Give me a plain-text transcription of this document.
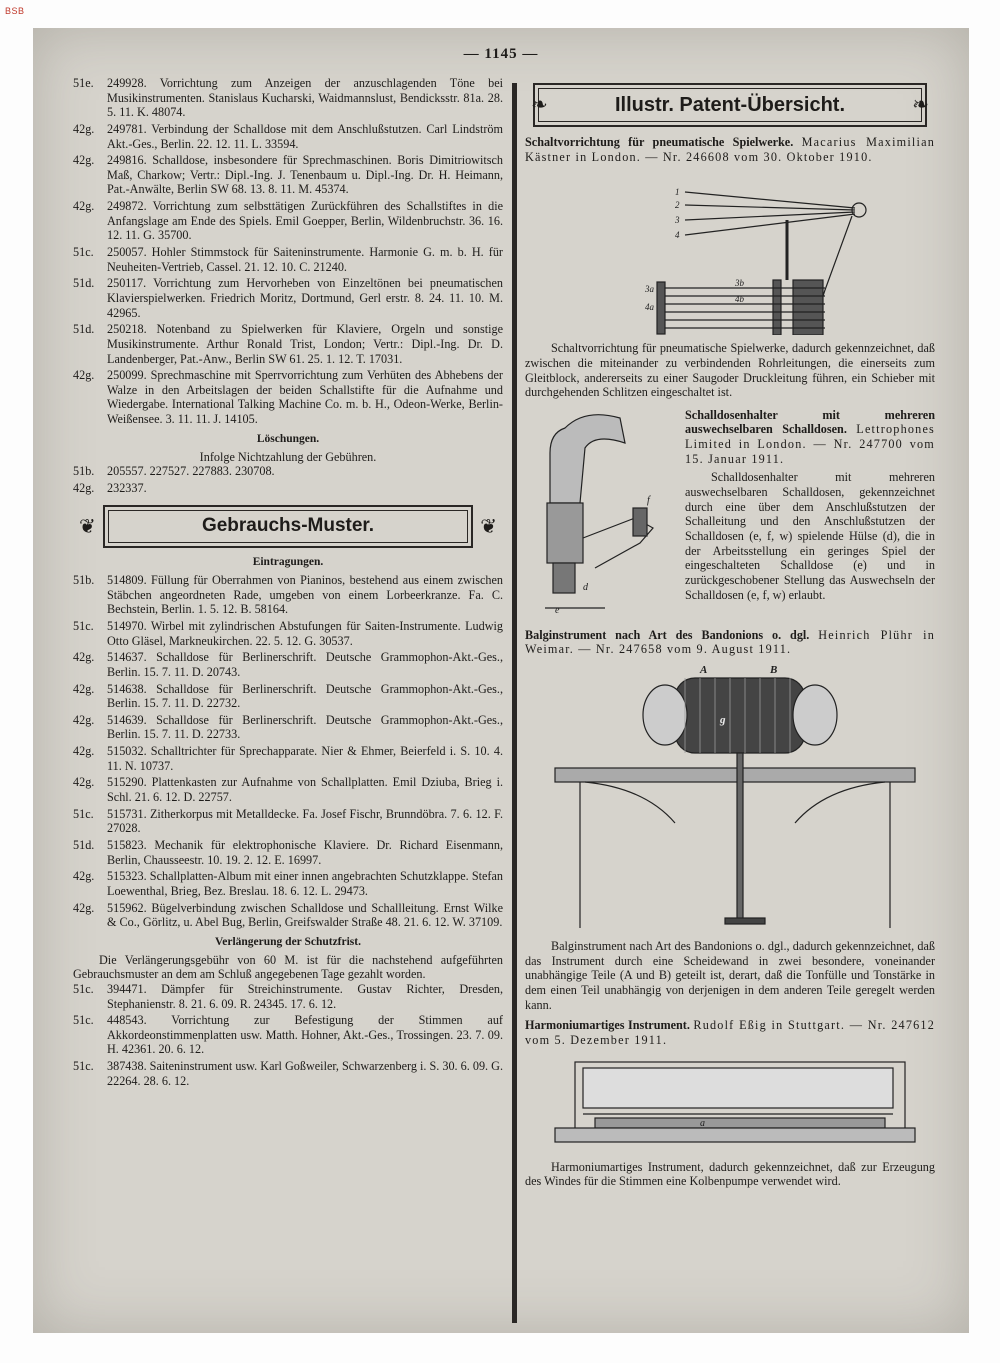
BSB
— 1145 —
51e. 249928. Vorrichtung zum Anzeigen der anzuschlagenden Töne bei Musikinstrumenten. Stanislaus Kucharski, Waidmannslust, Bendicksstr. 81a. 28. 5. 11. K. 48074.
42g. 249781. Verbindung der Schalldose mit dem Anschlußstutzen. Carl Lindström Akt.-Ges., Berlin. 22. 12. 11. L. 33594.
42g. 249816. Schalldose, insbesondere für Sprechmaschinen. Boris Dimitriowitsch Maß, Charkow; Vertr.: Dipl.-Ing. J. Tenenbaum u. Dipl.-Ing. Dr. H. Heimann, Pat.-Anwälte, Berlin SW 68. 13. 8. 11. M. 45374.
42g. 249872. Vorrichtung zum selbsttätigen Zurückführen des Schallstiftes in die Anfangslage am Ende des Spiels. Emil Goepper, Berlin, Wildenbruchstr. 36. 16. 12. 11. G. 35700.
51c. 250057. Hohler Stimmstock für Saiteninstrumente. Harmonie G. m. b. H. für Neuheiten-Vertrieb, Cassel. 21. 12. 10. C. 21240.
51d. 250117. Vorrichtung zum Hervorheben von Einzeltönen bei pneumatischen Klavierspielwerken. Friedrich Moritz, Dortmund, Gerl erstr. 8. 24. 11. 10. M. 42965.
51d. 250218. Notenband zu Spielwerken für Klaviere, Orgeln und sonstige Musikinstrumente. Arthur Ronald Trist, London; Vertr.: Dipl.-Ing. Dr. D. Landenberger, Pat.-Anw., Berlin SW 61. 25. 1. 12. T. 17031.
42g. 250099. Sprechmaschine mit Sperrvorrichtung zum Verhüten des Abhebens der Walze in den Arbeitslagen der beiden Schallstifte für die Aufnahme und Wiedergabe. International Talking Machine Co. m. b. H., Odeon-Werke, Berlin-Weißensee. 3. 11. 11. J. 14105.
Löschungen.
Infolge Nichtzahlung der Gebühren.
51b. 205557. 227527. 227883. 230708.
42g. 232337.
❦	Gebrauchs-Muster.	❦
Eintragungen.
51b. 514809. Füllung für Oberrahmen von Pianinos, bestehend aus einem zwischen Stäbchen angeordneten Rade, umgeben von einem Lorbeerkranze. Fa. C. Bechstein, Berlin. 1. 5. 12. B. 58164.
51c. 514970. Wirbel mit zylindrischen Abstufungen für Saiten-Instrumente. Ludwig Otto Gläsel, Markneukirchen. 22. 5. 12. G. 30537.
42g. 514637. Schalldose für Berlinerschrift. Deutsche Grammophon-Akt.-Ges., Berlin. 15. 7. 11. D. 20743.
42g. 514638. Schalldose für Berlinerschrift. Deutsche Grammophon-Akt.-Ges., Berlin. 15. 7. 11. D. 22732.
42g. 514639. Schalldose für Berlinerschrift. Deutsche Grammophon-Akt.-Ges., Berlin. 15. 7. 11. D. 22733.
42g. 515032. Schalltrichter für Sprechapparate. Nier & Ehmer, Beierfeld i. S. 10. 4. 11. N. 10737.
42g. 515290. Plattenkasten zur Aufnahme von Schallplatten. Emil Dziuba, Brieg i. Schl. 21. 6. 12. D. 22757.
51c. 515731. Zitherkorpus mit Metalldecke. Fa. Josef Fischr, Brunndöbra. 7. 6. 12. F. 27028.
51d. 515823. Mechanik für elektrophonische Klaviere. Dr. Richard Eisenmann, Berlin, Chausseestr. 10. 19. 2. 12. E. 16997.
42g. 515323. Schallplatten-Album mit einer innen angebrachten Schutzklappe. Stefan Loewenthal, Brieg, Bez. Breslau. 18. 6. 12. L. 29473.
42g. 515962. Bügelverbindung zwischen Schalldose und Schallleitung. Ernst Wilke & Co., Görlitz, u. Abel Bug, Berlin, Greifswalder Straße 48. 21. 6. 12. W. 37109.
Verlängerung der Schutzfrist.
Die Verlängerungsgebühr von 60 M. ist für die nachstehend aufgeführten Gebrauchsmuster an dem am Schluß angegebenen Tage gezahlt worden.
51c. 394471. Dämpfer für Streichinstrumente. Gustav Richter, Dresden, Stephanienstr. 8. 21. 6. 09. R. 24345. 17. 6. 12.
51c. 448543. Vorrichtung zur Befestigung der Stimmen auf Akkordeonstimmenplatten usw. Matth. Hohner, Akt.-Ges., Trossingen. 23. 7. 09. H. 42361. 20. 6. 12.
51c. 387438. Saiteninstrument usw. Karl Goßweiler, Schwarzenberg i. S. 30. 6. 09. G. 22264. 28. 6. 12.
❧	Illustr. Patent-Übersicht.	❧
Schaltvorrichtung für pneumatische Spielwerke. Macarius Maximilian Kästner in London. — Nr. 246608 vom 30. Oktober 1910.
1
2
3
4
3a
4a
3b
4b
Schaltvorrichtung für pneumatische Spielwerke, dadurch gekennzeichnet, daß zwischen die miteinander zu verbindenden Rohrleitungen, die einerseits zum Gleitblock, andererseits zu einer Saugoder Druckleitung führen, ein Schieber mit durchgehenden Schlitzen eingeschaltet ist.
d
f
e
Schalldosenhalter mit mehreren auswechselbaren Schalldosen. Lettrophones Limited in London. — Nr. 247700 vom 15. Januar 1911.
Schalldosenhalter mit mehreren auswechselbaren Schalldosen, gekennzeichnet durch eine über dem Anschlußstutzen der Schalleitung und den Anschlußstutzen der Schalldosen (e, f, w) spielende Hülse (d), die in der Arbeitsstellung ein geringes Spiel der eingeschalteten Schalldose (e) und in zurückgeschobener Stellung das Auswechseln der Schalldosen (e, f, w) erlaubt.
Balginstrument nach Art des Bandonions o. dgl. Heinrich Plühr in Weimar. — Nr. 247658 vom 9. August 1911.
A	B
g
Balginstrument nach Art des Bandonions o. dgl., dadurch gekennzeichnet, daß das Instrument durch eine Scheidewand in zwei besondere, voneinander unabhängige Teile (A und B) geteilt ist, derart, daß die Tonfülle und Tonstärke in dem einen Teil unabhängig von derjenigen in dem anderen Teile geregelt werden kann.
Harmoniumartiges Instrument. Rudolf Eßig in Stuttgart. — Nr. 247612 vom 5. Dezember 1911.
a
Harmoniumartiges Instrument, dadurch gekennzeichnet, daß zur Erzeugung des Windes für die Stimmen eine Kolbenpumpe verwendet wird.
